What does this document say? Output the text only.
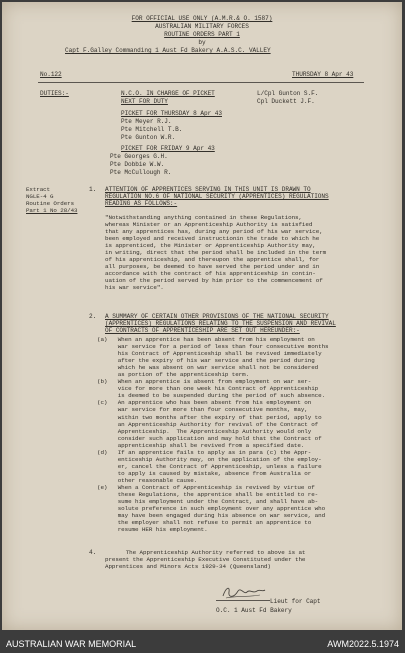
FOR OFFICIAL USE ONLY (A.M.R.& O. 1587)
AUSTRALIAN MILITARY FORCES
ROUTINE ORDERS PART 1
by
Capt F.Galley Commanding 1 Aust Fd Bakery A.A.S.C. VALLEY
No.122	THURSDAY 8 Apr 43
DUTIES:-	N.C.O. IN CHARGE OF PICKET	L/Cpl Gunton S.F.
NEXT FOR DUTY	Cpl Duckett J.F.
PICKET FOR THURSDAY 8 Apr 43
Pte Meyer R.J.
Pte Mitchell T.B.
Pte Gunton W.R.
PICKET FOR FRIDAY 9 Apr 43
Pte Georges G.H.
Pte Dobbie W.W.
Pte McCullough R.
Extract
NGLE-4 G
Routine Orders
Part 1 No 28/43
1. ATTENTION OF APPRENTICES SERVING IN THIS UNIT IS DRAWN TO
REGULATION NO.6 OF NATIONAL SECURITY (APPRENTICES) REGULATIONS
READING AS FOLLOWS:-
"Notwithstanding anything contained in these Regulations,
whereas Minister or an Apprenticeship Authority is satisfied
that any apprentices has, during any period of his war service,
been employed and received instructionin the trade to which he
is apprenticed, the Minister or Apprenticeship Authority may,
in writing, direct that the period shall be included in the term
of his apprenticeship, and thereupon the apprentice shall, for
all purposes, be deemed to have served the period under and in
accordance with the contract of his apprenticeship in contin-
uation of the period served by him prior to the commencement of
his war service".
2. A SUMMARY OF CERTAIN OTHER PROVISIONS OF THE NATIONAL SECURITY
(APPRENTICES) REGULATIONS RELATING TO THE SUSPENSION AND REVIVAL
OF CONTRACTS OF APPRENTICESHIP ARE SET OUT HEREUNDER:-
(a)   When an apprentice has been absent from his employment on
war service for a period of less than four consecutive months
his Contract of Apprenticeship shall be revived immediately
after the expiry of his war service and the period during
which he was absent on war service shall not be considered
as portion of the apprenticeship term.
(b)   When an apprentice is absent from employment on war ser-
vice for more than one week his Contract of Apprenticeship
is deemed to be suspended during the period of such absence.
(c)   An apprentice who has been absent from his employment on
war service for more than four consecutive months, may,
within two months after the expiry of that period, apply to
an Apprenticeship Authority for revival of the Contract of
Apprenticeship.  The Apprenticeship Authority would only
consider such application and may hold that the Contract of
apprenticeship shall be revived from a specified date.
(d)   If an apprentice fails to apply as in para (c) the Appr-
enticeship Authority may, on the application of the employ-
er, cancel the Contract of Apprenticeship, unless a failure
to apply is caused by mistake, absence from Australia or
other reasonable cause.
(e)   When a Contract of Apprenticeship is revived by virtue of
these Regulations, the apprentice shall be entitled to re-
sume his employment under the Contract, and shall have ab-
solute preference in such employment over any apprentice who
may have been engaged during his absence on war service, and
the employer shall not refuse to permit an apprentice to
resume HER his employment.
4. The Apprenticeship Authority referred to above is at
present the Apprenticeship Executive Constituted under the
Apprentices and Minors Acts 1929-34 (Queensland)
Lieut for Capt
O.C. 1 Aust Fd Bakery
AUSTRALIAN WAR MEMORIAL	AWM2022.5.1974
